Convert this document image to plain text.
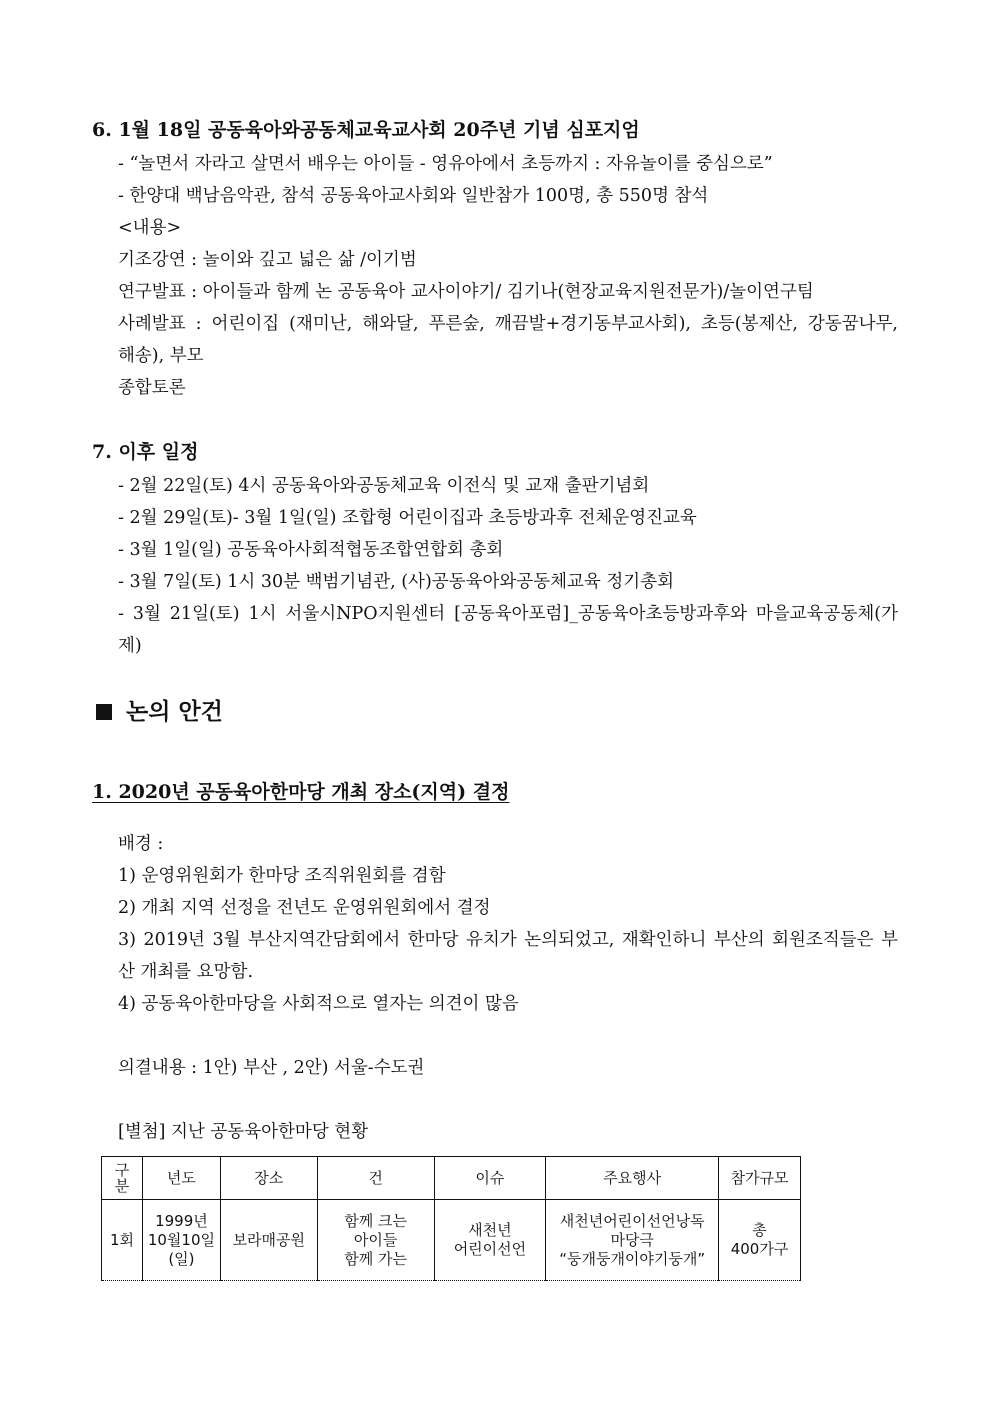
6. 1월 18일 공동육아와공동체교육교사회 20주년 기념 심포지엄
- “놀면서 자라고 살면서 배우는 아이들 - 영유아에서 초등까지 : 자유놀이를 중심으로”
- 한양대 백남음악관, 참석 공동육아교사회와 일반참가 100명, 총 550명 참석
<내용>
기조강연 : 놀이와 깊고 넓은 삶 /이기범
연구발표 : 아이들과 함께 논 공동육아 교사이야기/ 김기나(현장교육지원전문가)/놀이연구팀
사례발표 : 어린이집 (재미난, 해와달, 푸른숲, 깨끔발+경기동부교사회), 초등(봉제산, 강동꿈나무,
해송), 부모
종합토론
7. 이후 일정
- 2월 22일(토) 4시 공동육아와공동체교육 이전식 및 교재 출판기념회
- 2월 29일(토)- 3월 1일(일) 조합형 어린이집과 초등방과후 전체운영진교육
- 3월 1일(일) 공동육아사회적협동조합연합회 총회
- 3월 7일(토) 1시 30분 백범기념관, (사)공동육아와공동체교육 정기총회
- 3월 21일(토) 1시 서울시NPO지원센터 [공동육아포럼]_공동육아초등방과후와 마을교육공동체(가
제)
논의 안건
1. 2020년 공동육아한마당 개최 장소(지역) 결정
배경 :
1) 운영위원회가 한마당 조직위원회를 겸함
2) 개최 지역 선정을 전년도 운영위원회에서 결정
3) 2019년 3월 부산지역간담회에서 한마당 유치가 논의되었고, 재확인하니 부산의 회원조직들은 부
산 개최를 요망함.
4) 공동육아한마당을 사회적으로 열자는 의견이 많음
의결내용 : 1안) 부산 , 2안) 서울-수도권
[별첨] 지난 공동육아한마당 현황
구
분	년도	장소	건	이슈	주요행사	참가규모
1회	1999년
10월10일
(일)	보라매공원	함께 크는
아이들
함께 가는	새천년
어린이선언	새천년어린이선언낭독
마당극
“둥개둥개이야기둥개”	총
400가구
